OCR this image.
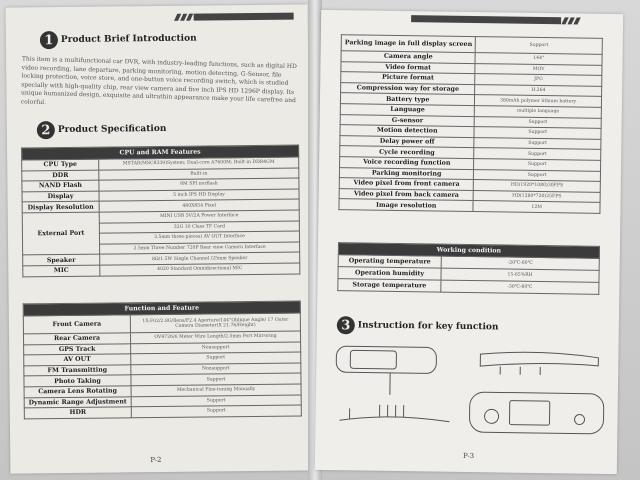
1 Product Brief Introduction
This item is a multifunctional car DVR, with industry-leading functions, such as digital HD video recording, lane departure, parking monitoring, motion detecting, G-Sensor, file locking protection, voice store, and one-button voice recording switch, which is studied specially with high-quality chip, rear view camera and five inch IPS HD 1296P display. Its unique humanized design, exquisite and ultrathin appearance make your life carefree and colorful.
2 Product Specification
CPU and RAM Features	
CPU Type	MSTAR(MSC8339)System; Dual-core A7600M; Built-in DDR4GM
DDR	Built-in
NAND Flash	8M SPI norflash
Display	5 inch IPS HD Display
Display Resolution	480X854 Pixel
External Port	MINI USB 5V/2A Power Interface
	32G 10 Class TF Card
	3.5mm three-pieces) AV OUT Interface
	2.5mm Three Number 720P Rear view Camera Interface
Speaker	8Ω/1.5W Single Channel /25mm Speaker
MIC	4020 Standard Omnidirectional MIC
Function and Feature	
Front Camera	1X-F02/2.8G/Ilens/F2.4 Aperture/144°Oblique Angle/ 17 Outer Camera Diameter(X 21.76/Height)
Rear Camera	OV9726/6 Meter Wire Length/2.5mm Port Mirroring
GPS Track	Nonsupport
AV OUT	Support
FM Transmitting	Nonsupport
Photo Taking	Support
Camera Lens Rotating	Mechanical Fine-tuning Manually
Dynamic Range Adjustment	Support
HDR	Support
P-2
Parking image in full display screen	Support
Camera angle	144°
Video format	MOV
Picture format	JPG
Compression way for storage	H.264
Battery type	380mAh polymer lithium battery
Language	multiple language
G-sensor	Support
Motion detection	Support
Delay power off	Support
Cycle recording	Support
Voice recording function	Support
Parking monitoring	Support
Video pixel from front camera	HD(1920*1080)30FPS
Video pixel from back camera	HD(1280*720)25FPS
Image resolution	12M
Working condition	
Operating temperature	-20℃-60℃
Operation humidity	15-65%RH
Storage temperature	-30℃-80℃
3 Instruction for key function
P-3
